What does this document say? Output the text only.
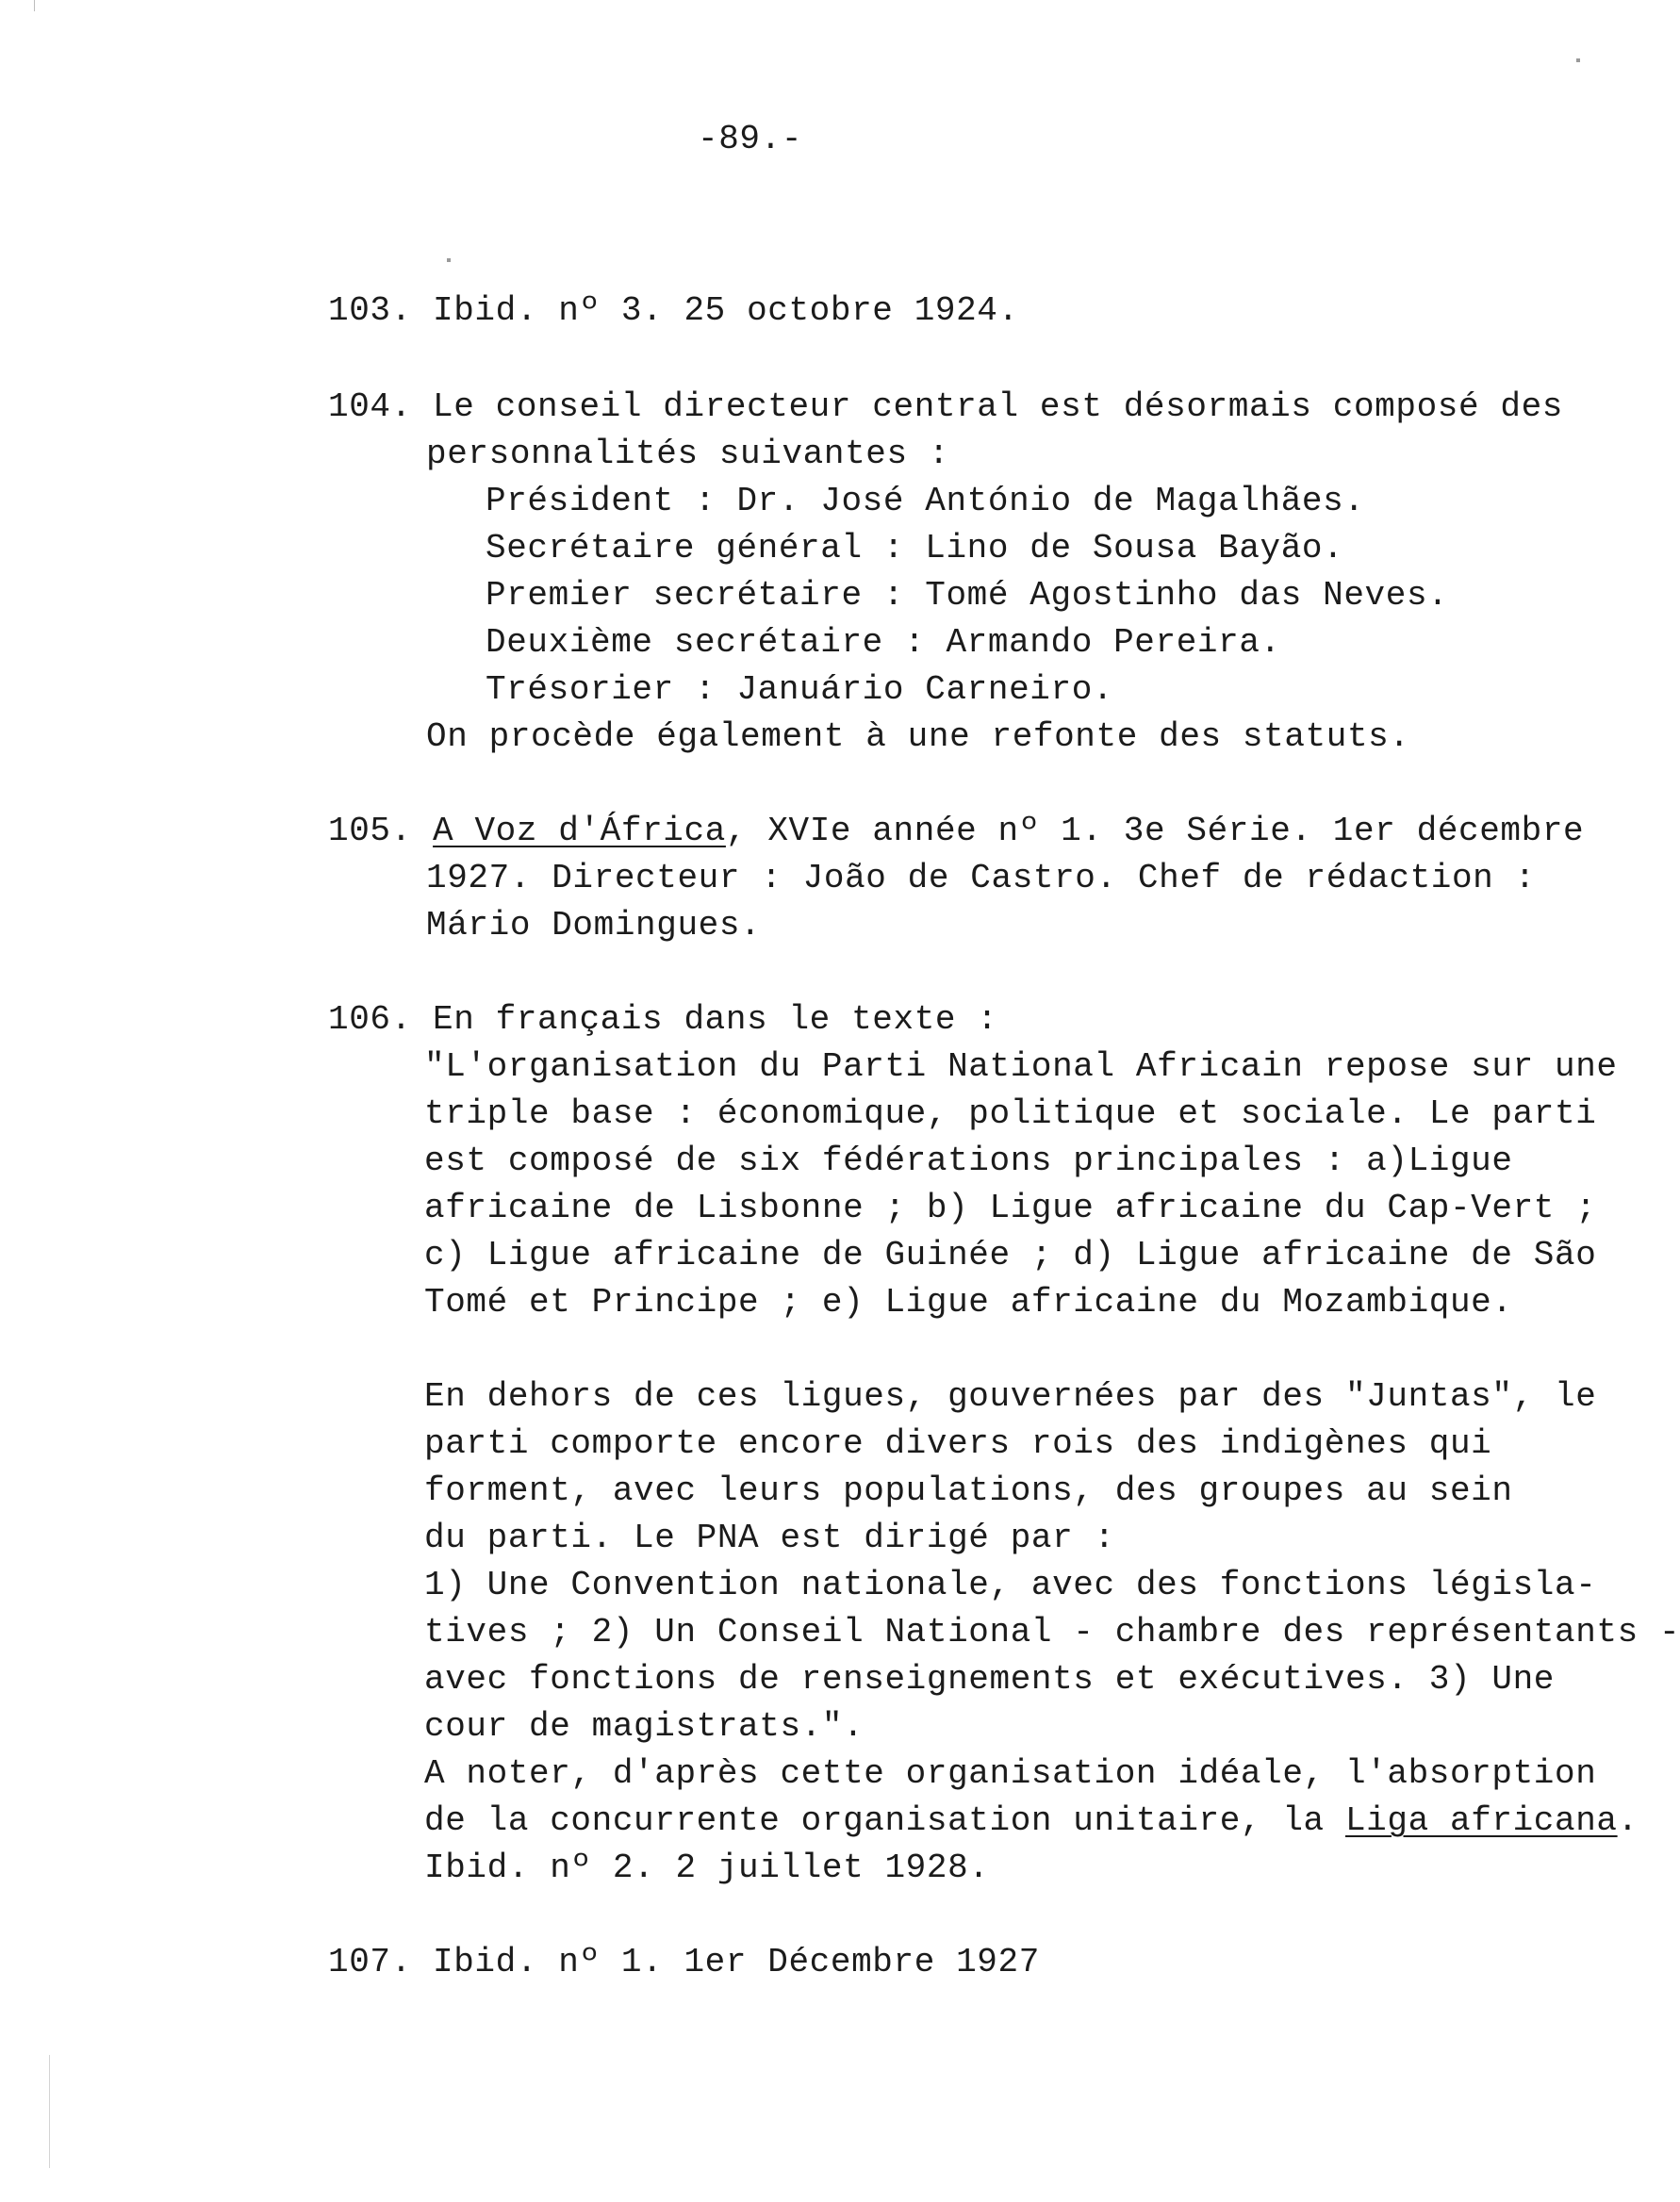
-89.-
103. Ibid. nº 3. 25 octobre 1924.
104. Le conseil directeur central est désormais composé des
personnalités suivantes :
Président : Dr. José António de Magalhães.
Secrétaire général : Lino de Sousa Bayão.
Premier secrétaire : Tomé Agostinho das Neves.
Deuxième secrétaire : Armando Pereira.
Trésorier : Januário Carneiro.
On procède également à une refonte des statuts.
105. A Voz d'África, XVIe année nº 1. 3e Série. 1er décembre
1927. Directeur : João de Castro. Chef de rédaction :
Mário Domingues.
106. En français dans le texte :
"L'organisation du Parti National Africain repose sur une
triple base : économique, politique et sociale. Le parti
est composé de six fédérations principales : a)Ligue
africaine de Lisbonne ; b) Ligue africaine du Cap-Vert ;
c) Ligue africaine de Guinée ; d) Ligue africaine de São
Tomé et Principe ; e) Ligue africaine du Mozambique.
En dehors de ces ligues, gouvernées par des "Juntas", le
parti comporte encore divers rois des indigènes qui
forment, avec leurs populations, des groupes au sein
du parti. Le PNA est dirigé par :
1) Une Convention nationale, avec des fonctions législa-
tives ; 2) Un Conseil National - chambre des représentants -
avec fonctions de renseignements et exécutives. 3) Une
cour de magistrats.".
A noter, d'après cette organisation idéale, l'absorption
de la concurrente organisation unitaire, la Liga africana.
Ibid. nº 2. 2 juillet 1928.
107. Ibid. nº 1. 1er Décembre 1927
